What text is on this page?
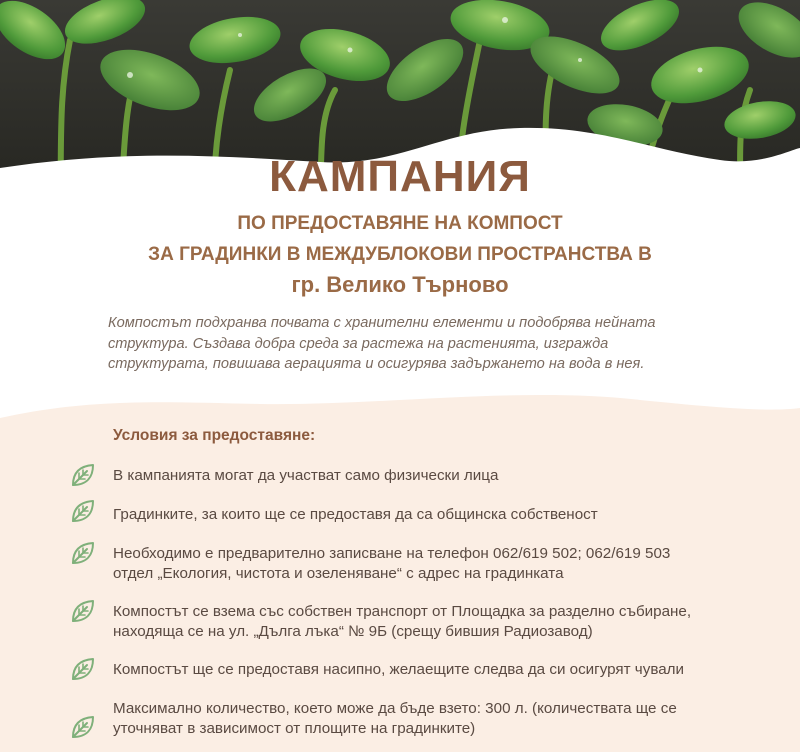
КАМПАНИЯ

ПО ПРЕДОСТАВЯНЕ НА КОМПОСТ

ЗА ГРАДИНКИ В МЕЖДУБЛОКОВИ ПРОСТРАНСТВА В

гр. Велико Търново

Компостът подхранва почвата с хранителни елементи и подобрява нейната
структура. Създава добра среда за растежа на растенията, изгражда
структурата, повишава аерацията и осигурява задържането на вода в нея.

Условия за предоставяне:

В кампанията могат да участват само физически лица

Градинките, за които ще се предоставя да са общинска собственост

Необходимо е предварително записване на телефон 062/619 502; 062/619 503
отдел „Екология, чистота и озеленяване“ с адрес на градинката

Компостът се взема със собствен транспорт от Площадка за разделно събиране,
находяща се на ул. „Дълга лъка“ № 9Б (срещу бившия Радиозавод)

Компостът ще се предоставя насипно, желаещите следва да си осигурят чували

Максимално количество, което може да бъде взето: 300 л. (количествата ще се
уточняват в зависимост от площите на градинките)
